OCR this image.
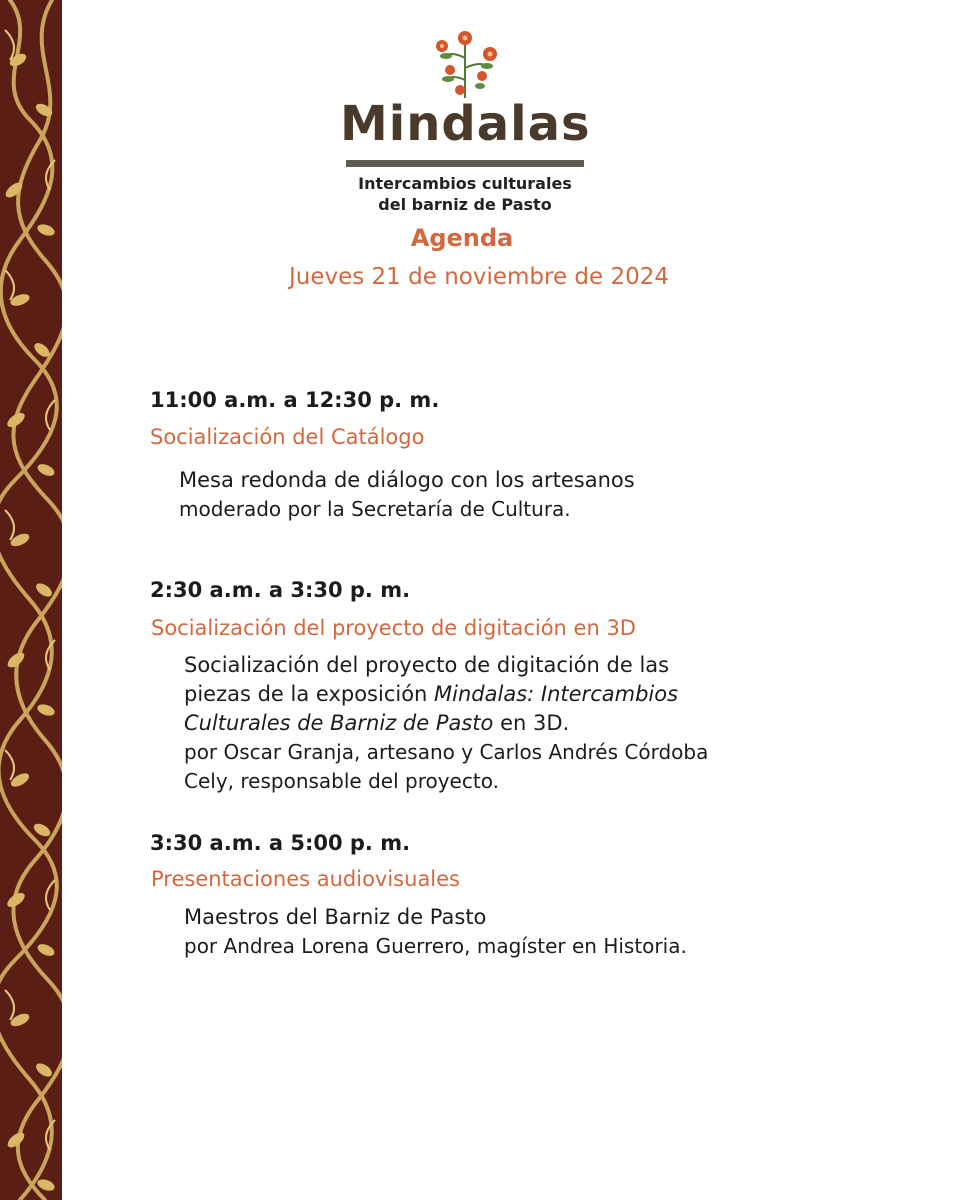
Mindalas
Intercambios culturales
del barniz de Pasto
Agenda
Jueves 21 de noviembre de 2024
11:00 a.m. a 12:30 p. m.
Socialización del Catálogo
Mesa redonda de diálogo con los artesanos
moderado por la Secretaría de Cultura.
2:30 a.m. a 3:30 p. m.
Socialización del proyecto de digitación en 3D
Socialización del proyecto de digitación de las
piezas de la exposición Mindalas: Intercambios
Culturales de Barniz de Pasto en 3D.
por Oscar Granja, artesano y Carlos Andrés Córdoba
Cely, responsable del proyecto.
3:30 a.m. a 5:00 p. m.
Presentaciones audiovisuales
Maestros del Barniz de Pasto
por Andrea Lorena Guerrero, magíster en Historia.
